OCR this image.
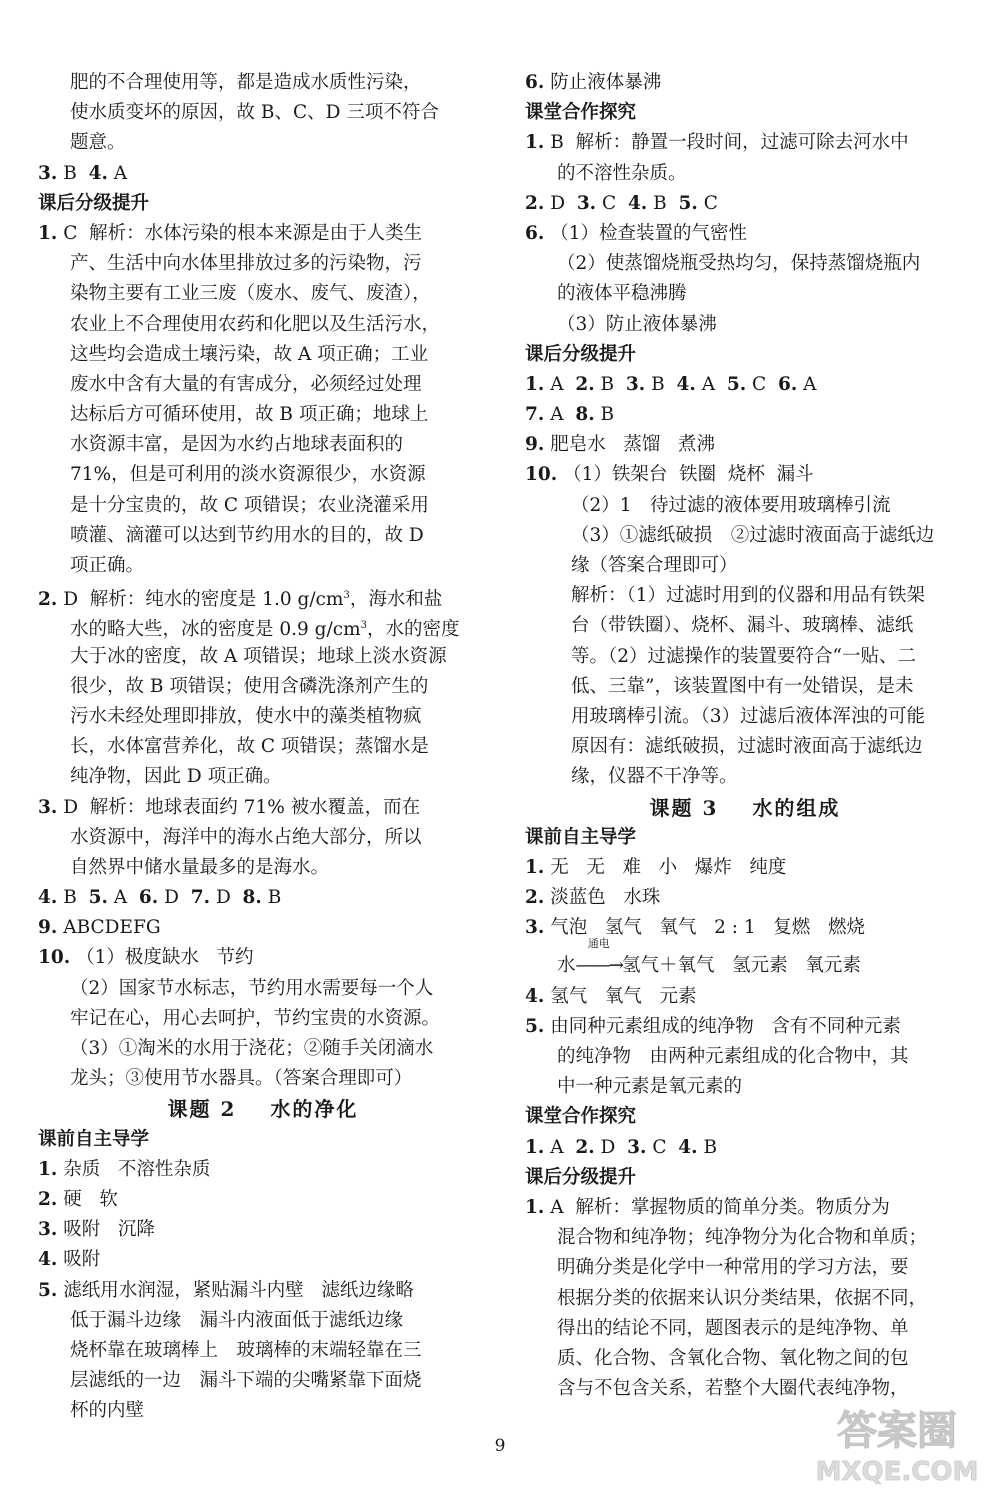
肥的不合理使用等，都是造成水质性污染，
使水质变坏的原因，故 B、C、D 三项不符合
题意。
3. B  4. A
课后分级提升
1. C  解析：水体污染的根本来源是由于人类生
产、生活中向水体里排放过多的污染物，污
染物主要有工业三废（废水、废气、废渣），
农业上不合理使用农药和化肥以及生活污水，
这些均会造成土壤污染，故 A 项正确；工业
废水中含有大量的有害成分，必须经过处理
达标后方可循环使用，故 B 项正确；地球上
水资源丰富，是因为水约占地球表面积的
71%，但是可利用的淡水资源很少，水资源
是十分宝贵的，故 C 项错误；农业浇灌采用
喷灌、滴灌可以达到节约用水的目的，故 D
项正确。
2. D  解析：纯水的密度是 1.0 $g/cm^3$，海水和盐
水的略大些，冰的密度是 0.9 $g/cm^3$，水的密度
大于冰的密度，故 A 项错误；地球上淡水资源
很少，故 B 项错误；使用含磷洗涤剂产生的
污水未经处理即排放，使水中的藻类植物疯
长，水体富营养化，故 C 项错误；蒸馏水是
纯净物，因此 D 项正确。
3. D  解析：地球表面约 71% 被水覆盖，而在
水资源中，海洋中的海水占绝大部分，所以
自然界中储水量最多的是海水。
4. B  5. A  6. D  7. D  8. B
9. ABCDEFG
10. （1）极度缺水   节约
（2）国家节水标志，节约用水需要每一个人
牢记在心，用心去呵护，节约宝贵的水资源。
（3）①淘米的水用于浇花；②随手关闭滴水
龙头；③使用节水器具。（答案合理即可）
课题 2 水的净化
课前自主导学
1. 杂质   不溶性杂质
2. 硬   软
3. 吸附   沉降
4. 吸附
5. 滤纸用水润湿，紧贴漏斗内壁   滤纸边缘略
低于漏斗边缘　漏斗内液面低于滤纸边缘
烧杯靠在玻璃棒上　玻璃棒的末端轻靠在三
层滤纸的一边　漏斗下端的尖嘴紧靠下面烧
杯的内壁
6. 防止液体暴沸
课堂合作探究
1. B  解析：静置一段时间，过滤可除去河水中
的不溶性杂质。
2. D  3. C  4. B  5. C
6. （1）检查装置的气密性
（2）使蒸馏烧瓶受热均匀，保持蒸馏烧瓶内
的液体平稳沸腾
（3）防止液体暴沸
课后分级提升
1. A  2. B  3. B  4. A  5. C  6. A
7. A  8. B
9. 肥皂水   蒸馏   煮沸
10. （1）铁架台  铁圈  烧杯  漏斗
（2）1　待过滤的液体要用玻璃棒引流
（3）①滤纸破损　②过滤时液面高于滤纸边
缘（答案合理即可）
解析：（1）过滤时用到的仪器和用品有铁架
台（带铁圈）、烧杯、漏斗、玻璃棒、滤纸
等。（2）过滤操作的装置要符合“一贴、二
低、三靠”，该装置图中有一处错误，是未
用玻璃棒引流。（3）过滤后液体浑浊的可能
原因有：滤纸破损，过滤时液面高于滤纸边
缘，仪器不干净等。
课题 3 水的组成
课前自主导学
1. 无   无   难   小   爆炸   纯度
2. 淡蓝色   水珠
3. 气泡   氢气   氧气   2 : 1   复燃   燃烧
水
通电
——→氢气＋氧气   氢元素   氧元素
4. 氢气   氧气   元素
5. 由同种元素组成的纯净物   含有不同种元素
的纯净物　由两种元素组成的化合物中，其
中一种元素是氧元素的
课堂合作探究
1. A  2. D  3. C  4. B
课后分级提升
1. A  解析：掌握物质的简单分类。物质分为
混合物和纯净物；纯净物分为化合物和单质；
明确分类是化学中一种常用的学习方法，要
根据分类的依据来认识分类结果，依据不同，
得出的结论不同，题图表示的是纯净物、单
质、化合物、含氧化合物、氧化物之间的包
含与不包含关系，若整个大圈代表纯净物，
9	答案圈
MXQE.COM
